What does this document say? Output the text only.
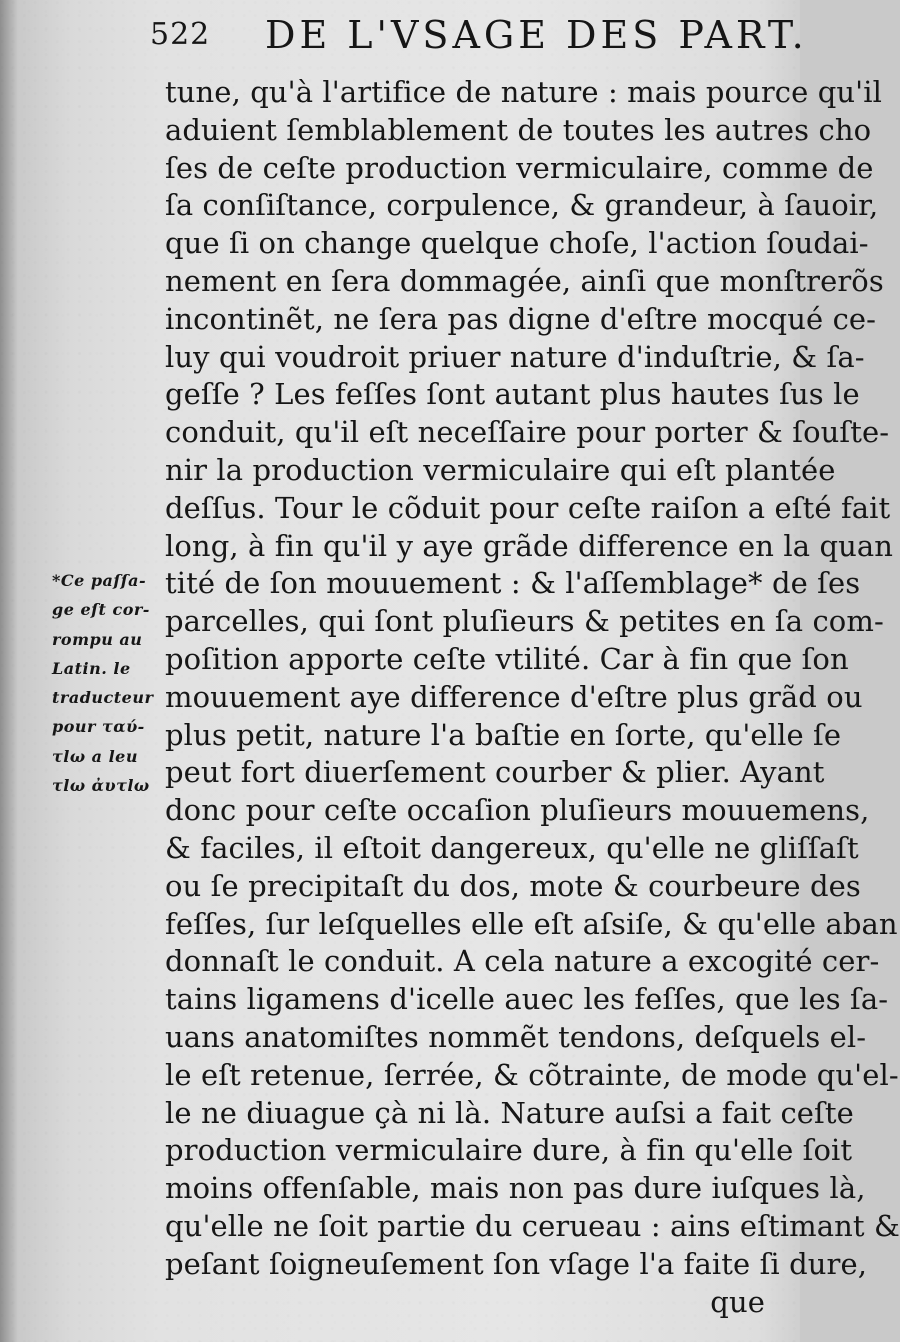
522 DE L'VSAGE DES PART.
*Ce paſſa-
ge eſt cor-
rompu au
Latin. le
traducteur
pour ταύ-
τlω a leu
τlω ἀυτlω
tune, qu'à l'artifice de nature : mais pource qu'il
aduient ſemblablement de toutes les autres cho
ſes de ceſte production vermiculaire, comme de
ſa conſiſtance, corpulence, & grandeur, à ſauoir,
que ſi on change quelque choſe, l'action ſoudai-
nement en ſera dommagée, ainſi que monſtrerõs
incontinẽt, ne ſera pas digne d'eſtre mocqué ce-
luy qui voudroit priuer nature d'induſtrie, & ſa-
geſſe ? Les feſſes ſont autant plus hautes ſus le
conduit, qu'il eſt neceſſaire pour porter & ſouſte-
nir la production vermiculaire qui eſt plantée
deſſus. Tour le cõduit pour ceſte raiſon a eſté fait
long, à fin qu'il y aye grãde difference en la quan
tité de ſon mouuement : & l'aſſemblage* de ſes
parcelles, qui ſont pluſieurs & petites en ſa com-
poſition apporte ceſte vtilité. Car à fin que ſon
mouuement aye difference d'eſtre plus grãd ou
plus petit, nature l'a baſtie en ſorte, qu'elle ſe
peut fort diuerſement courber & plier. Ayant
donc pour ceſte occaſion pluſieurs mouuemens,
& faciles, il eſtoit dangereux, qu'elle ne gliſſaſt
ou ſe precipitaſt du dos, mote & courbeure des
feſſes, ſur leſquelles elle eſt aſsiſe, & qu'elle aban
donnaſt le conduit. A cela nature a excogité cer-
tains ligamens d'icelle auec les feſſes, que les ſa-
uans anatomiſtes nommẽt tendons, deſquels el-
le eſt retenue, ſerrée, & cõtrainte, de mode qu'el-
le ne diuague çà ni là. Nature auſsi a fait ceſte
production vermiculaire dure, à fin qu'elle ſoit
moins offenſable, mais non pas dure iuſques là,
qu'elle ne ſoit partie du cerueau : ains eſtimant &
peſant ſoigneuſement ſon vſage l'a faite ſi dure,
que
